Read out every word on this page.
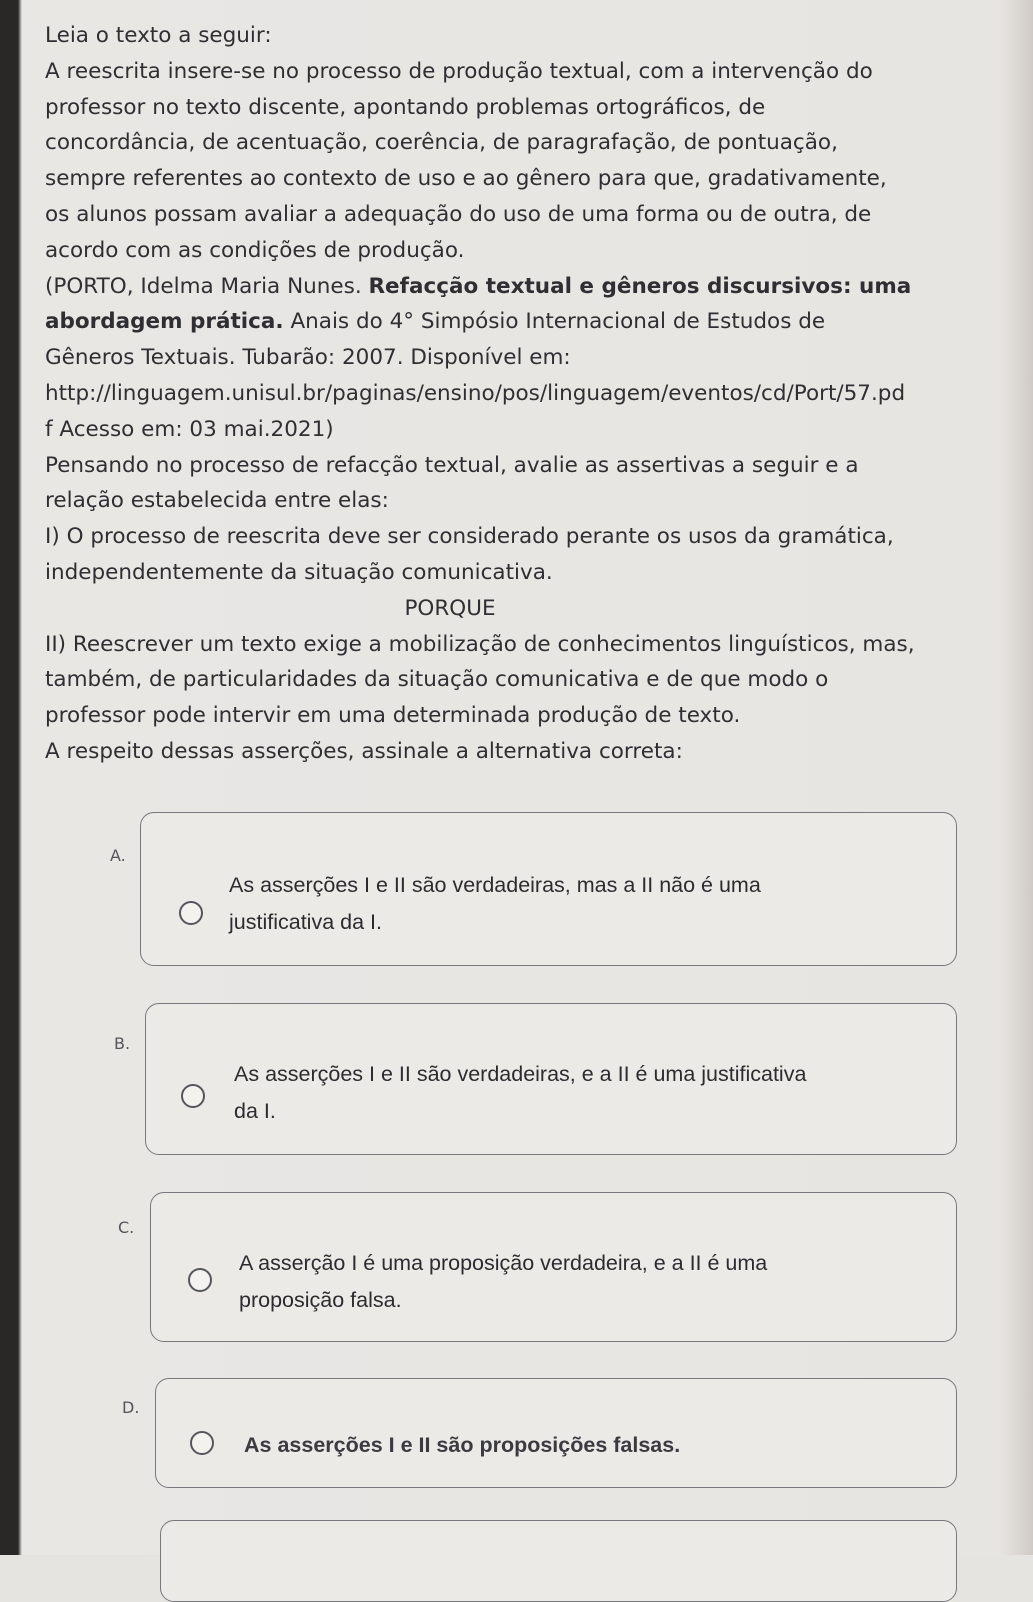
Leia o texto a seguir:

A reescrita insere-se no processo de produção textual, com a intervenção do

professor no texto discente, apontando problemas ortográficos, de

concordância, de acentuação, coerência, de paragrafação, de pontuação,

sempre referentes ao contexto de uso e ao gênero para que, gradativamente,

os alunos possam avaliar a adequação do uso de uma forma ou de outra, de

acordo com as condições de produção.

(PORTO, Idelma Maria Nunes. Refacção textual e gêneros discursivos: uma

abordagem prática. Anais do 4° Simpósio Internacional de Estudos de

Gêneros Textuais. Tubarão: 2007. Disponível em:

http://linguagem.unisul.br/paginas/ensino/pos/linguagem/eventos/cd/Port/57.pd

f Acesso em: 03 mai.2021)

Pensando no processo de refacção textual, avalie as assertivas a seguir e a

relação estabelecida entre elas:

I) O processo de reescrita deve ser considerado perante os usos da gramática,

independentemente da situação comunicativa.

PORQUE

II) Reescrever um texto exige a mobilização de conhecimentos linguísticos, mas,

também, de particularidades da situação comunicativa e de que modo o

professor pode intervir em uma determinada produção de texto.

A respeito dessas asserções, assinale a alternativa correta:

A.
As asserções I e II são verdadeiras, mas a II não é uma
justificativa da I.
B.
As asserções I e II são verdadeiras, e a II é uma justificativa
da I.
C.
A asserção I é uma proposição verdadeira, e a II é uma
proposição falsa.
D.
As asserções I e II são proposições falsas.
